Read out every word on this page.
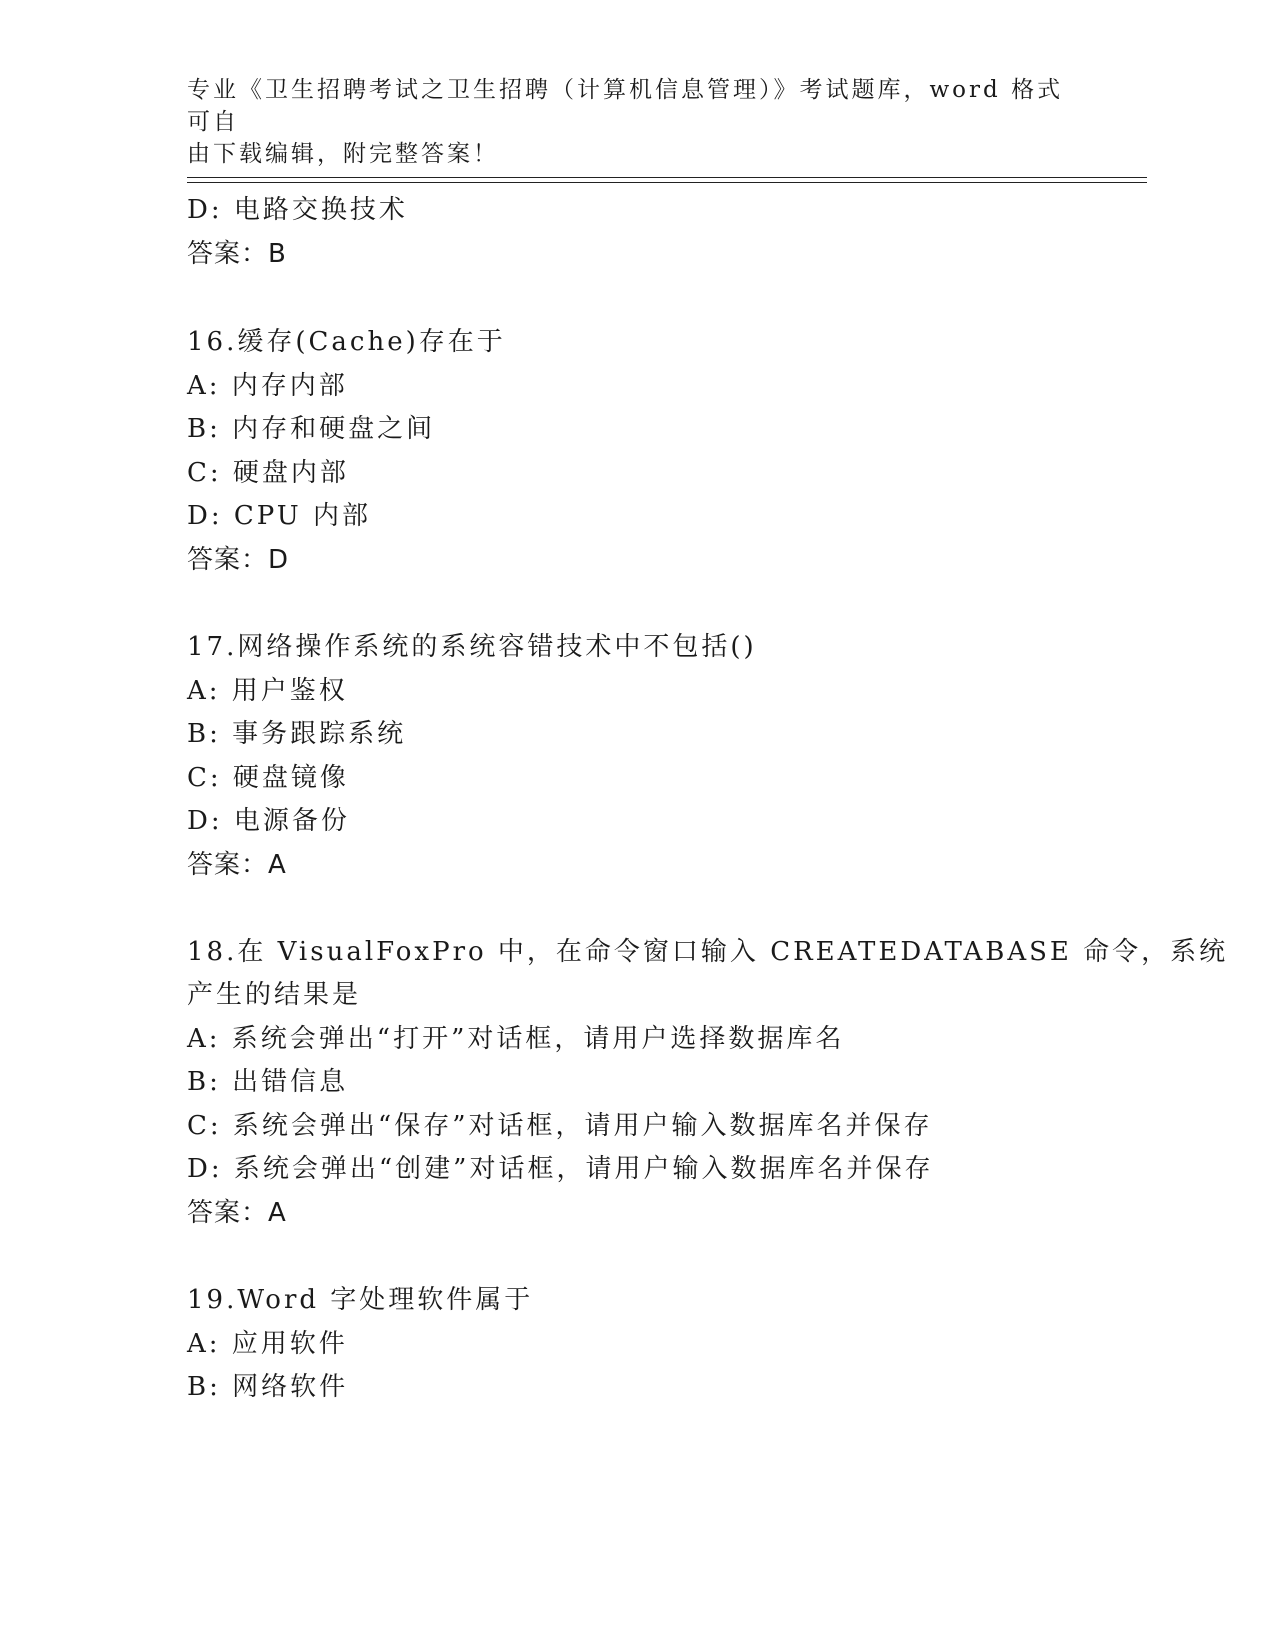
专业《卫生招聘考试之卫生招聘（计算机信息管理）》考试题库，word 格式可自
由下载编辑，附完整答案！
D: 电路交换技术
答案：B
16.缓存(Cache)存在于
A: 内存内部
B: 内存和硬盘之间
C: 硬盘内部
D: CPU 内部
答案：D
17.网络操作系统的系统容错技术中不包括()
A: 用户鉴权
B: 事务跟踪系统
C: 硬盘镜像
D: 电源备份
答案：A
18.在 VisualFoxPro 中，在命令窗口输入 CREATEDATABASE 命令，系统
产生的结果是
A: 系统会弹出“打开”对话框，请用户选择数据库名
B: 出错信息
C: 系统会弹出“保存”对话框，请用户输入数据库名并保存
D: 系统会弹出“创建”对话框，请用户输入数据库名并保存
答案：A
19.Word 字处理软件属于
A: 应用软件
B: 网络软件
